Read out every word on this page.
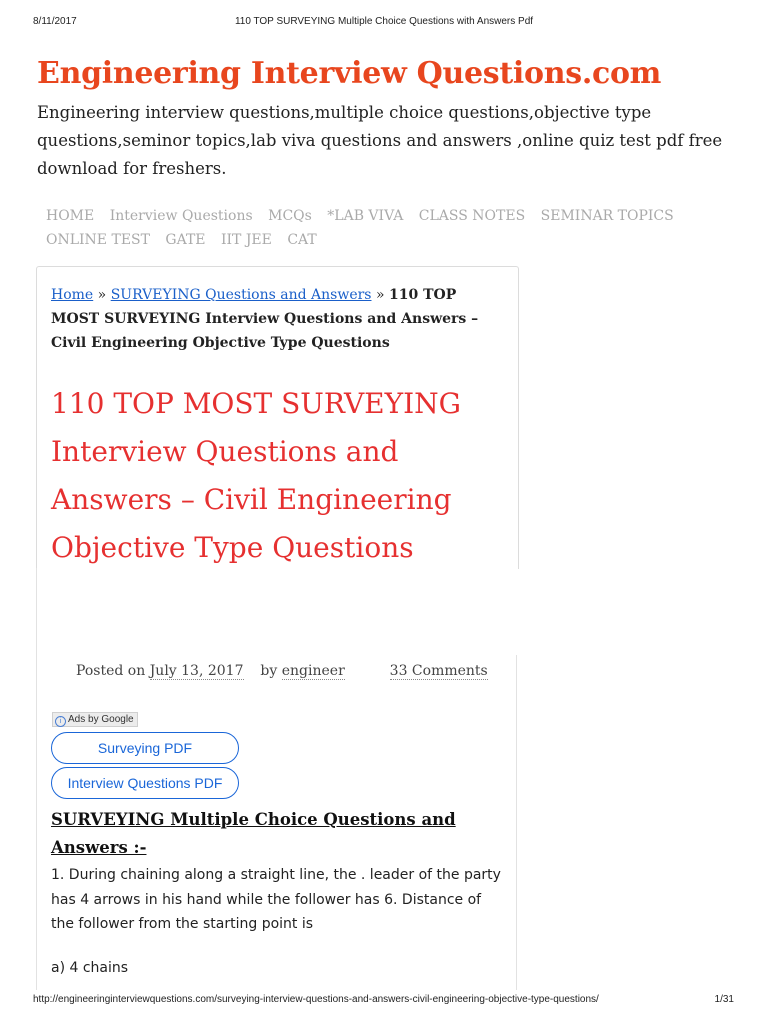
8/11/2017	110 TOP SURVEYING Multiple Choice Questions with Answers Pdf
Engineering Interview Questions.com

Engineering interview questions,multiple choice questions,objective type questions,seminor topics,lab viva questions and answers ,online quiz test pdf free download for freshers.

HOME Interview Questions MCQs *LAB VIVA CLASS NOTES SEMINAR TOPICS ONLINE TEST GATE IIT JEE CAT
Home » SURVEYING Questions and Answers » 110 TOP MOST SURVEYING Interview Questions and Answers – Civil Engineering Objective Type Questions
110 TOP MOST SURVEYING Interview Questions and Answers – Civil Engineering Objective Type Questions
Posted on July 13, 2017 by engineer	33 Comments
i Ads by Google
Surveying PDF
Interview Questions PDF
SURVEYING Multiple Choice Questions and Answers :-

1. During chaining along a straight line, the . leader of the party has 4 arrows in his hand while the follower has 6. Distance of the follower from the starting point is

a) 4 chains
http://engineeringinterviewquestions.com/surveying-interview-questions-and-answers-civil-engineering-objective-type-questions/	1/31
